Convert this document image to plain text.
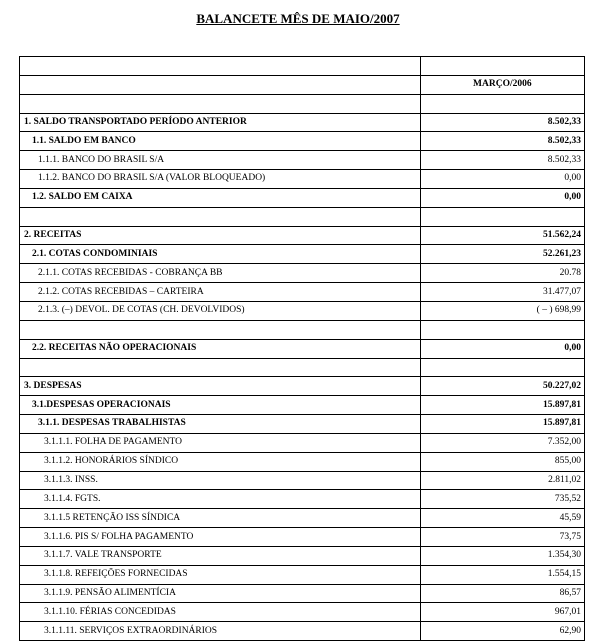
BALANCETE MÊS DE MAIO/2007

	MARÇO/2006

1. SALDO TRANSPORTADO PERÍODO ANTERIOR	8.502,33
1.1. SALDO EM BANCO	8.502,33
1.1.1. BANCO DO BRASIL S/A	8.502,33
1.1.2. BANCO DO BRASIL S/A (VALOR BLOQUEADO)	0,00
1.2. SALDO EM CAIXA	0,00

2. RECEITAS	51.562,24
2.1. COTAS CONDOMINIAIS	52.261,23
2.1.1. COTAS RECEBIDAS - COBRANÇA BB	20.78
2.1.2. COTAS RECEBIDAS – CARTEIRA	31.477,07
2.1.3. (–) DEVOL. DE COTAS (CH. DEVOLVIDOS)	( – ) 698,99

2.2. RECEITAS NÃO OPERACIONAIS	0,00

3. DESPESAS	50.227,02
3.1.DESPESAS OPERACIONAIS	15.897,81
3.1.1. DESPESAS TRABALHISTAS	15.897,81
3.1.1.1. FOLHA DE PAGAMENTO	7.352,00
3.1.1.2. HONORÁRIOS SÍNDICO	855,00
3.1.1.3. INSS.	2.811,02
3.1.1.4. FGTS.	735,52
3.1.1.5 RETENÇÃO ISS SÍNDICA	45,59
3.1.1.6. PIS S/ FOLHA PAGAMENTO	73,75
3.1.1.7. VALE TRANSPORTE	1.354,30
3.1.1.8. REFEIÇÕES FORNECIDAS	1.554,15
3.1.1.9. PENSÃO ALIMENTÍCIA	86,57
3.1.1.10. FÉRIAS CONCEDIDAS	967,01
3.1.1.11. SERVIÇOS EXTRAORDINÁRIOS	62,90
